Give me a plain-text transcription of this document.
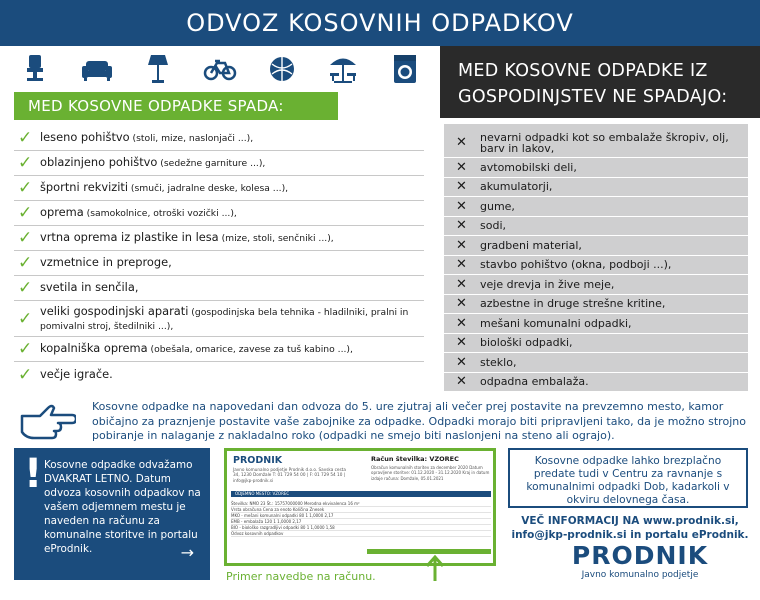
ODVOZ KOSOVNIH ODPADKOV
MED KOSOVNE ODPADKE IZ
GOSPODINJSTEV NE SPADAJO:
MED KOSOVNE ODPADKE SPADA:
✓ leseno pohištvo (stoli, mize, naslonjači ...),
✓ oblazinjeno pohištvo (sedežne garniture ...),
✓ športni rekviziti (smuči, jadralne deske, kolesa ...),
✓ oprema (samokolnice, otroški vozički ...),
✓ vrtna oprema iz plastike in lesa (mize, stoli, senčniki ...),
✓ vzmetnice in preproge,
✓ svetila in senčila,
✓ veliki gospodinjski aparati (gospodinjska bela tehnika - hladilniki, pralni in pomivalni stroj, štedilniki ...),
✓ kopalniška oprema (obešala, omarice, zavese za tuš kabino ...),
✓ večje igrače.
✕	nevarni odpadki kot so embalaže škropiv, olj, barv in lakov,
✕	avtomobilski deli,
✕	akumulatorji,
✕	gume,
✕	sodi,
✕	gradbeni material,
✕	stavbo pohištvo (okna, podboji ...),
✕	veje drevja in žive meje,
✕	azbestne in druge strešne kritine,
✕	mešani komunalni odpadki,
✕	biološki odpadki,
✕	steklo,
✕	odpadna embalaža.
Kosovne odpadke na napovedani dan odvoza do 5. ure zjutraj ali večer prej postavite na prevzemno mesto, kamor običajno za praznjenje postavite vaše zabojnike za odpadke. Odpadki morajo biti pripravljeni tako, da je možno strojno pobiranje in nalaganje z nakladalno roko (odpadki ne smejo biti naslonjeni na steno ali ograjo).
! Kosovne odpadke odvažamo DVAKRAT LETNO. Datum odvoza kosovnih odpadkov na vašem odjemnem mestu je naveden na računu za komunalne storitve in portalu eProdnik.	→
PRODNIK
Javno komunalno podjetje Prodnik d.o.o. Savska cesta 34, 1230 Domžale T: 01 729 54 00 | F: 01 729 54 10 | info@jkp-prodnik.si
Račun številka: VZOREC
Obračun komunalnih storitev za december 2020 Datum opravljene storitve: 01.12.2020 - 31.12.2020 Kraj in datum izdaje računa: Domžale, 05.01.2021
ODJEMNO MESTO: VZOREC
Številka: NMO 23 Št.: 15757000000 Merodna ekvivalenca 16 m²
Vrsta obračuna Cena za enoto Količina Znesek
MKO - mešani komunalni odpadki 80 1 1,0000 2,17
EMB - embalaža 120 1 1,0000 2,17
BIO - biološko razgradljivi odpadki 80 1 1,0000 1,58
Odvoz kosovnih odpadkov
Primer navedbe na računu.
Kosovne odpadke lahko brezplačno predate tudi v Centru za ravnanje s komunalnimi odpadki Dob, kadarkoli v okviru delovnega časa.
VEČ INFORMACIJ NA www.prodnik.si,
info@jkp-prodnik.si in portalu eProdnik.
PRODNIK
Javno komunalno podjetje
